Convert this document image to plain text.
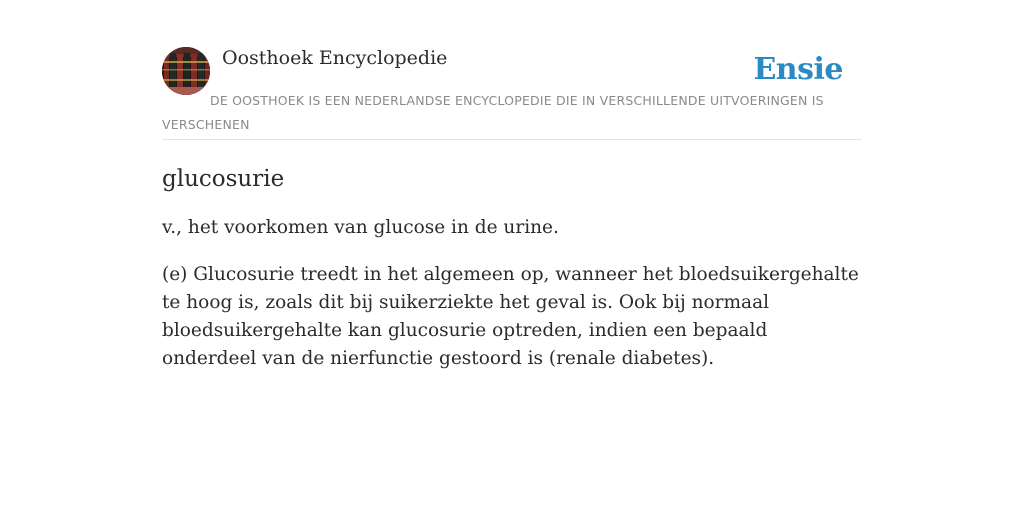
Oosthoek Encyclopedie	Ensie
DE OOSTHOEK IS EEN NEDERLANDSE ENCYCLOPEDIE DIE IN VERSCHILLENDE UITVOERINGEN IS VERSCHENEN
glucosurie

v., het voorkomen van glucose in de urine.

(e) Glucosurie treedt in het algemeen op, wanneer het bloedsuikergehalte te hoog is, zoals dit bij suikerziekte het geval is. Ook bij normaal bloedsuikergehalte kan glucosurie optreden, indien een bepaald onderdeel van de nierfunctie gestoord is (renale diabetes).
